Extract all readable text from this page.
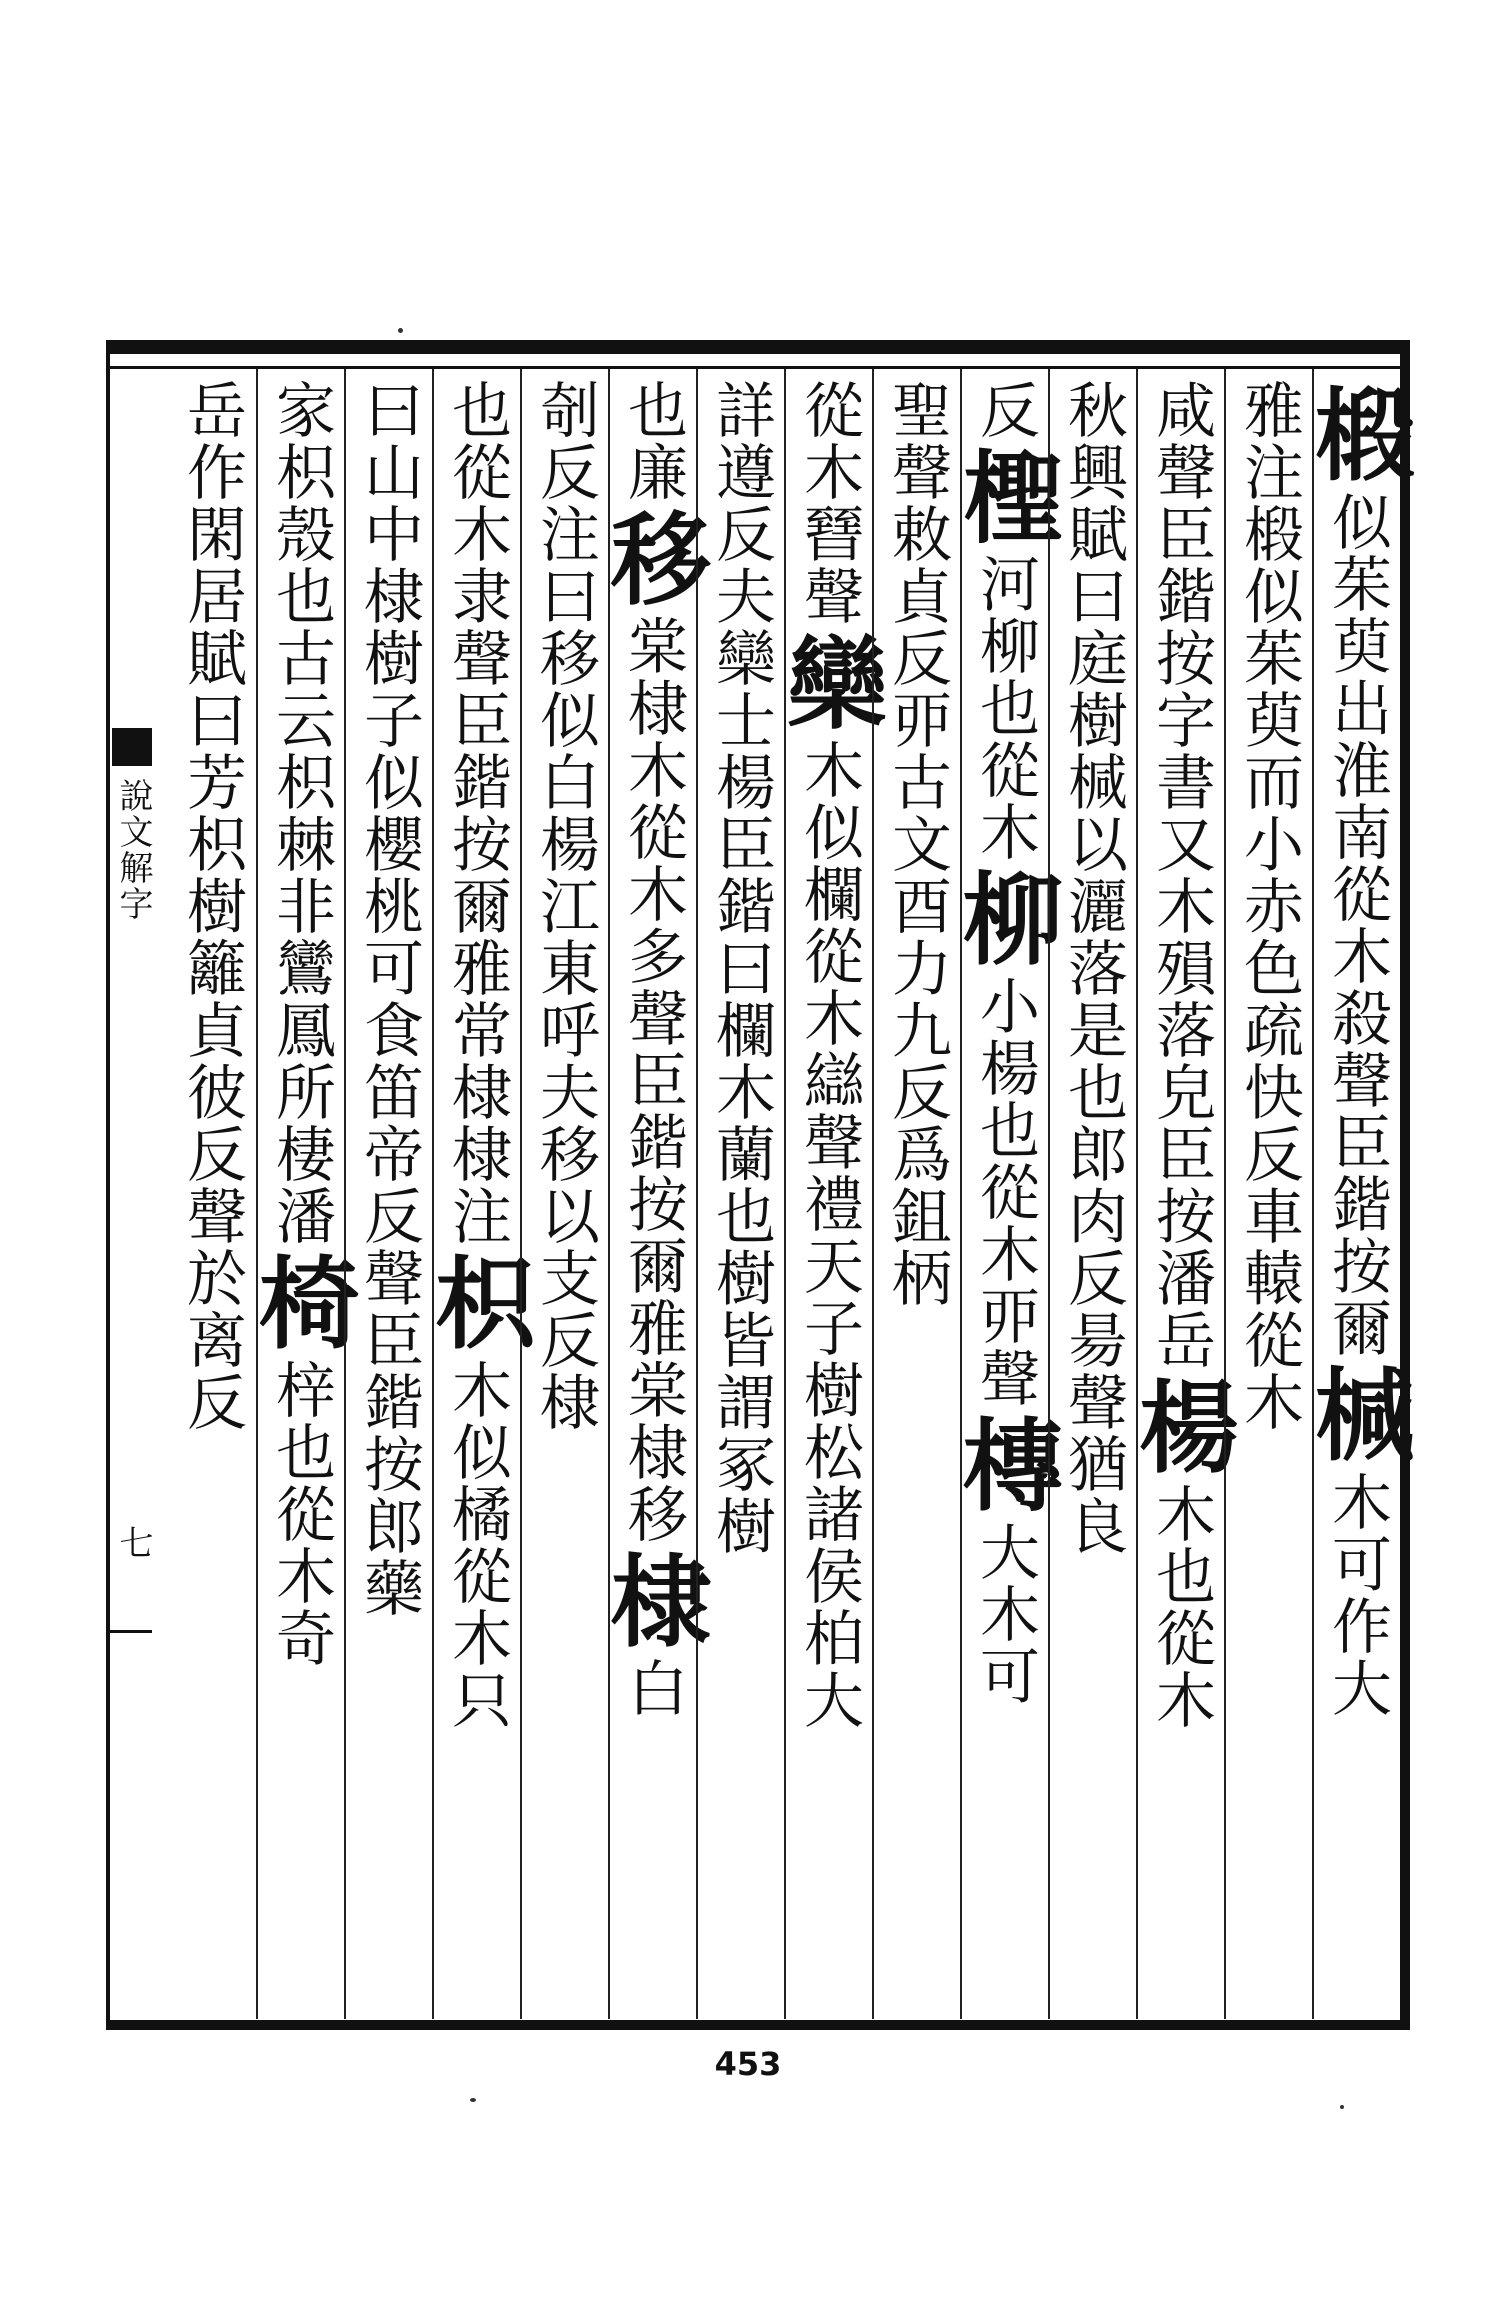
說文解字
七
椴
似茱萸出淮南從木殺聲臣鍇按爾
椷
木可作大
雅注椴似茱萸而小赤色疏快反
車轅從木
咸聲臣鍇按字書又木殞落皃臣按潘岳
楊
木也從木
秋興賦曰庭樹椷以灑落是也郎肉反
昜聲猶良
反
檉
河柳也從木
柳
小楊也從木丣聲
槫
大木可
聖聲敕貞反
丣古文酉力九反
爲鉏柄
從木㬜聲
欒
木似欄從木䜌聲禮天子樹松諸侯柏大
詳遵反
夫欒士楊臣鍇曰欄木蘭也樹皆謂冢樹
也廉
移
棠棣木從木多聲臣鍇按爾雅棠棣移
棣
白
剞反
注曰移似白楊江東呼夫移以支反
棣
也從木隶聲臣鍇按爾雅常棣棣注
枳
木似橘從木只
曰山中棣樹子似櫻桃可食笛帝反
聲臣鍇按郎藥
家枳殼也古云枳棘非鸞鳳所棲潘
椅
梓也從木奇
岳作閑居賦曰芳枳樹籬貞彼反
聲於离反
453
